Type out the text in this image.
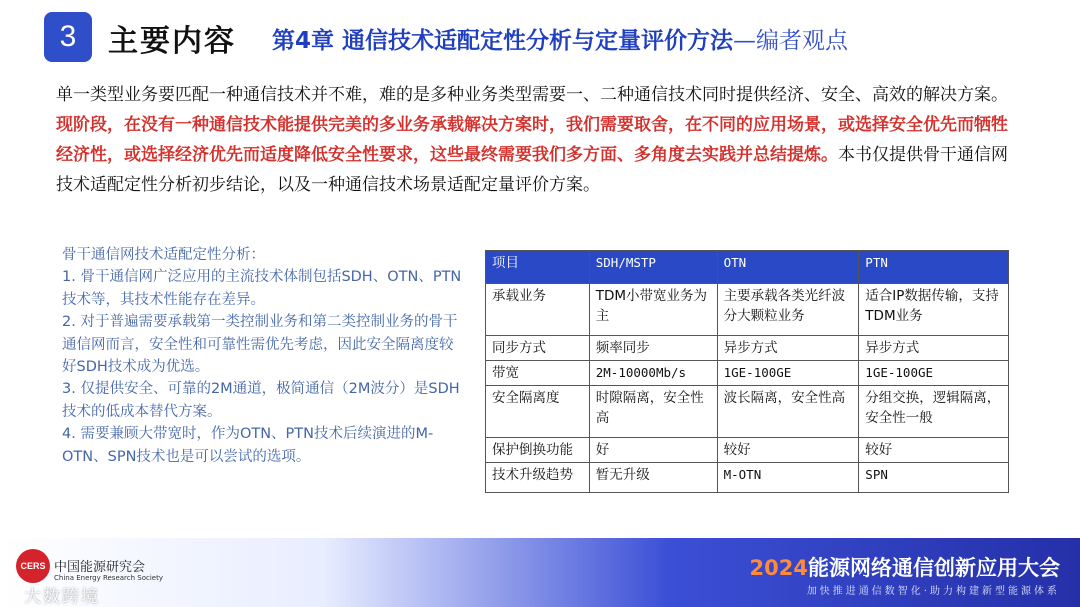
3	主要内容 第4章 通信技术适配定性分析与定量评价方法—编者观点

单一类型业务要匹配一种通信技术并不难，难的是多种业务类型需要一、二种通信技术同时提供经济、安全、高效的解决方案。现阶段，在没有一种通信技术能提供完美的多业务承载解决方案时，我们需要取舍，在不同的应用场景，或选择安全优先而牺牲经济性，或选择经济优先而适度降低安全性要求，这些最终需要我们多方面、多角度去实践并总结提炼。本书仅提供骨干通信网技术适配定性分析初步结论，以及一种通信技术场景适配定量评价方案。

骨干通信网技术适配定性分析：

1. 骨干通信网广泛应用的主流技术体制包括SDH、OTN、PTN技术等，其技术性能存在差异。

2. 对于普遍需要承载第一类控制业务和第二类控制业务的骨干通信网而言，安全性和可靠性需优先考虑，因此安全隔离度较好SDH技术成为优选。

3. 仅提供安全、可靠的2M通道，极简通信（2M波分）是SDH技术的低成本替代方案。

4. 需要兼顾大带宽时，作为OTN、PTN技术后续演进的M-OTN、SPN技术也是可以尝试的选项。

项目	SDH/MSTP	OTN	PTN
承载业务	TDM小带宽业务为主	主要承载各类光纤波分大颗粒业务	适合IP数据传输，支持TDM业务
同步方式	频率同步	异步方式	异步方式
带宽	2M-10000Mb/s	1GE-100GE	1GE-100GE
安全隔离度	时隙隔离，安全性高	波长隔离，安全性高	分组交换，逻辑隔离，安全性一般
保护倒换功能	好	较好	较好
技术升级趋势	暂无升级	M-OTN	SPN
CERS 中国能源研究会
China Energy Research Society
大数跨境
2024能源网络通信创新应用大会
加快推进通信数智化·助力构建新型能源体系
